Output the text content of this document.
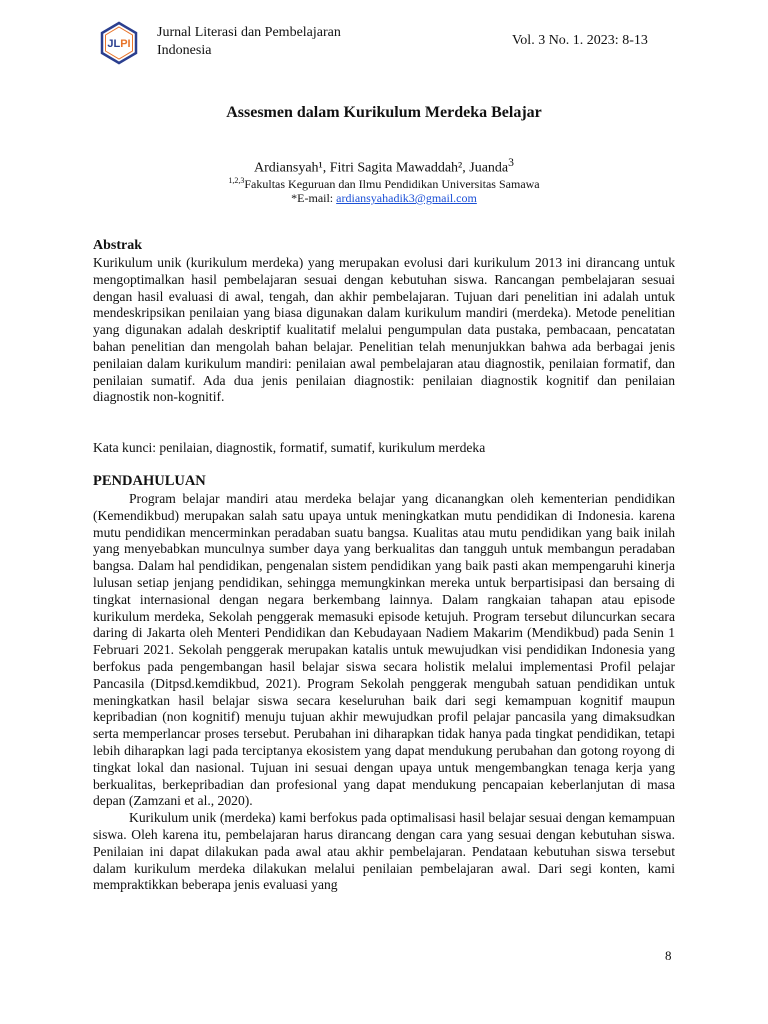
JLPI
Jurnal Literasi dan Pembelajaran Indonesia
Vol. 3 No. 1. 2023: 8-13
Assesmen dalam Kurikulum Merdeka Belajar
Ardiansyah¹, Fitri Sagita Mawaddah², Juanda$^3$
$^{1,2,3}$Fakultas Keguruan dan Ilmu Pendidikan Universitas Samawa
*E-mail: ardiansyahadik3@gmail.com
Abstrak

Kurikulum unik (kurikulum merdeka) yang merupakan evolusi dari kurikulum 2013 ini dirancang untuk mengoptimalkan hasil pembelajaran sesuai dengan kebutuhan siswa. Rancangan pembelajaran sesuai dengan hasil evaluasi di awal, tengah, dan akhir pembelajaran. Tujuan dari penelitian ini adalah untuk mendeskripsikan penilaian yang biasa digunakan dalam kurikulum mandiri (merdeka). Metode penelitian yang digunakan adalah deskriptif kualitatif melalui pengumpulan data pustaka, pembacaan, pencatatan bahan penelitian dan mengolah bahan belajar. Penelitian telah menunjukkan bahwa ada berbagai jenis penilaian dalam kurikulum mandiri: penilaian awal pembelajaran atau diagnostik, penilaian formatif, dan penilaian sumatif. Ada dua jenis penilaian diagnostik: penilaian diagnostik kognitif dan penilaian diagnostik non-kognitif.

Kata kunci: penilaian, diagnostik, formatif, sumatif, kurikulum merdeka
PENDAHULUAN

Program belajar mandiri atau merdeka belajar yang dicanangkan oleh kementerian pendidikan (Kemendikbud) merupakan salah satu upaya untuk meningkatkan mutu pendidikan di Indonesia. karena mutu pendidikan mencerminkan peradaban suatu bangsa. Kualitas atau mutu pendidikan yang baik inilah yang menyebabkan munculnya sumber daya yang berkualitas dan tangguh untuk membangun peradaban bangsa. Dalam hal pendidikan, pengenalan sistem pendidikan yang baik pasti akan mempengaruhi kinerja lulusan setiap jenjang pendidikan, sehingga memungkinkan mereka untuk berpartisipasi dan bersaing di tingkat internasional dengan negara berkembang lainnya. Dalam rangkaian tahapan atau episode kurikulum merdeka, Sekolah penggerak memasuki episode ketujuh. Program tersebut diluncurkan secara daring di Jakarta oleh Menteri Pendidikan dan Kebudayaan Nadiem Makarim (Mendikbud) pada Senin 1 Februari 2021. Sekolah penggerak merupakan katalis untuk mewujudkan visi pendidikan Indonesia yang berfokus pada pengembangan hasil belajar siswa secara holistik melalui implementasi Profil pelajar Pancasila (Ditpsd.kemdikbud, 2021). Program Sekolah penggerak mengubah satuan pendidikan untuk meningkatkan hasil belajar siswa secara keseluruhan baik dari segi kemampuan kognitif maupun kepribadian (non kognitif) menuju tujuan akhir mewujudkan profil pelajar pancasila yang dimaksudkan serta memperlancar proses tersebut. Perubahan ini diharapkan tidak hanya pada tingkat pendidikan, tetapi lebih diharapkan lagi pada terciptanya ekosistem yang dapat mendukung perubahan dan gotong royong di tingkat lokal dan nasional. Tujuan ini sesuai dengan upaya untuk mengembangkan tenaga kerja yang berkualitas, berkepribadian dan profesional yang dapat mendukung pencapaian keberlanjutan di masa depan (Zamzani et al., 2020).

Kurikulum unik (merdeka) kami berfokus pada optimalisasi hasil belajar sesuai dengan kemampuan siswa. Oleh karena itu, pembelajaran harus dirancang dengan cara yang sesuai dengan kebutuhan siswa. Penilaian ini dapat dilakukan pada awal atau akhir pembelajaran. Pendataan kebutuhan siswa tersebut dalam kurikulum merdeka dilakukan melalui penilaian pembelajaran awal. Dari segi konten, kami mempraktikkan beberapa jenis evaluasi yang

8
